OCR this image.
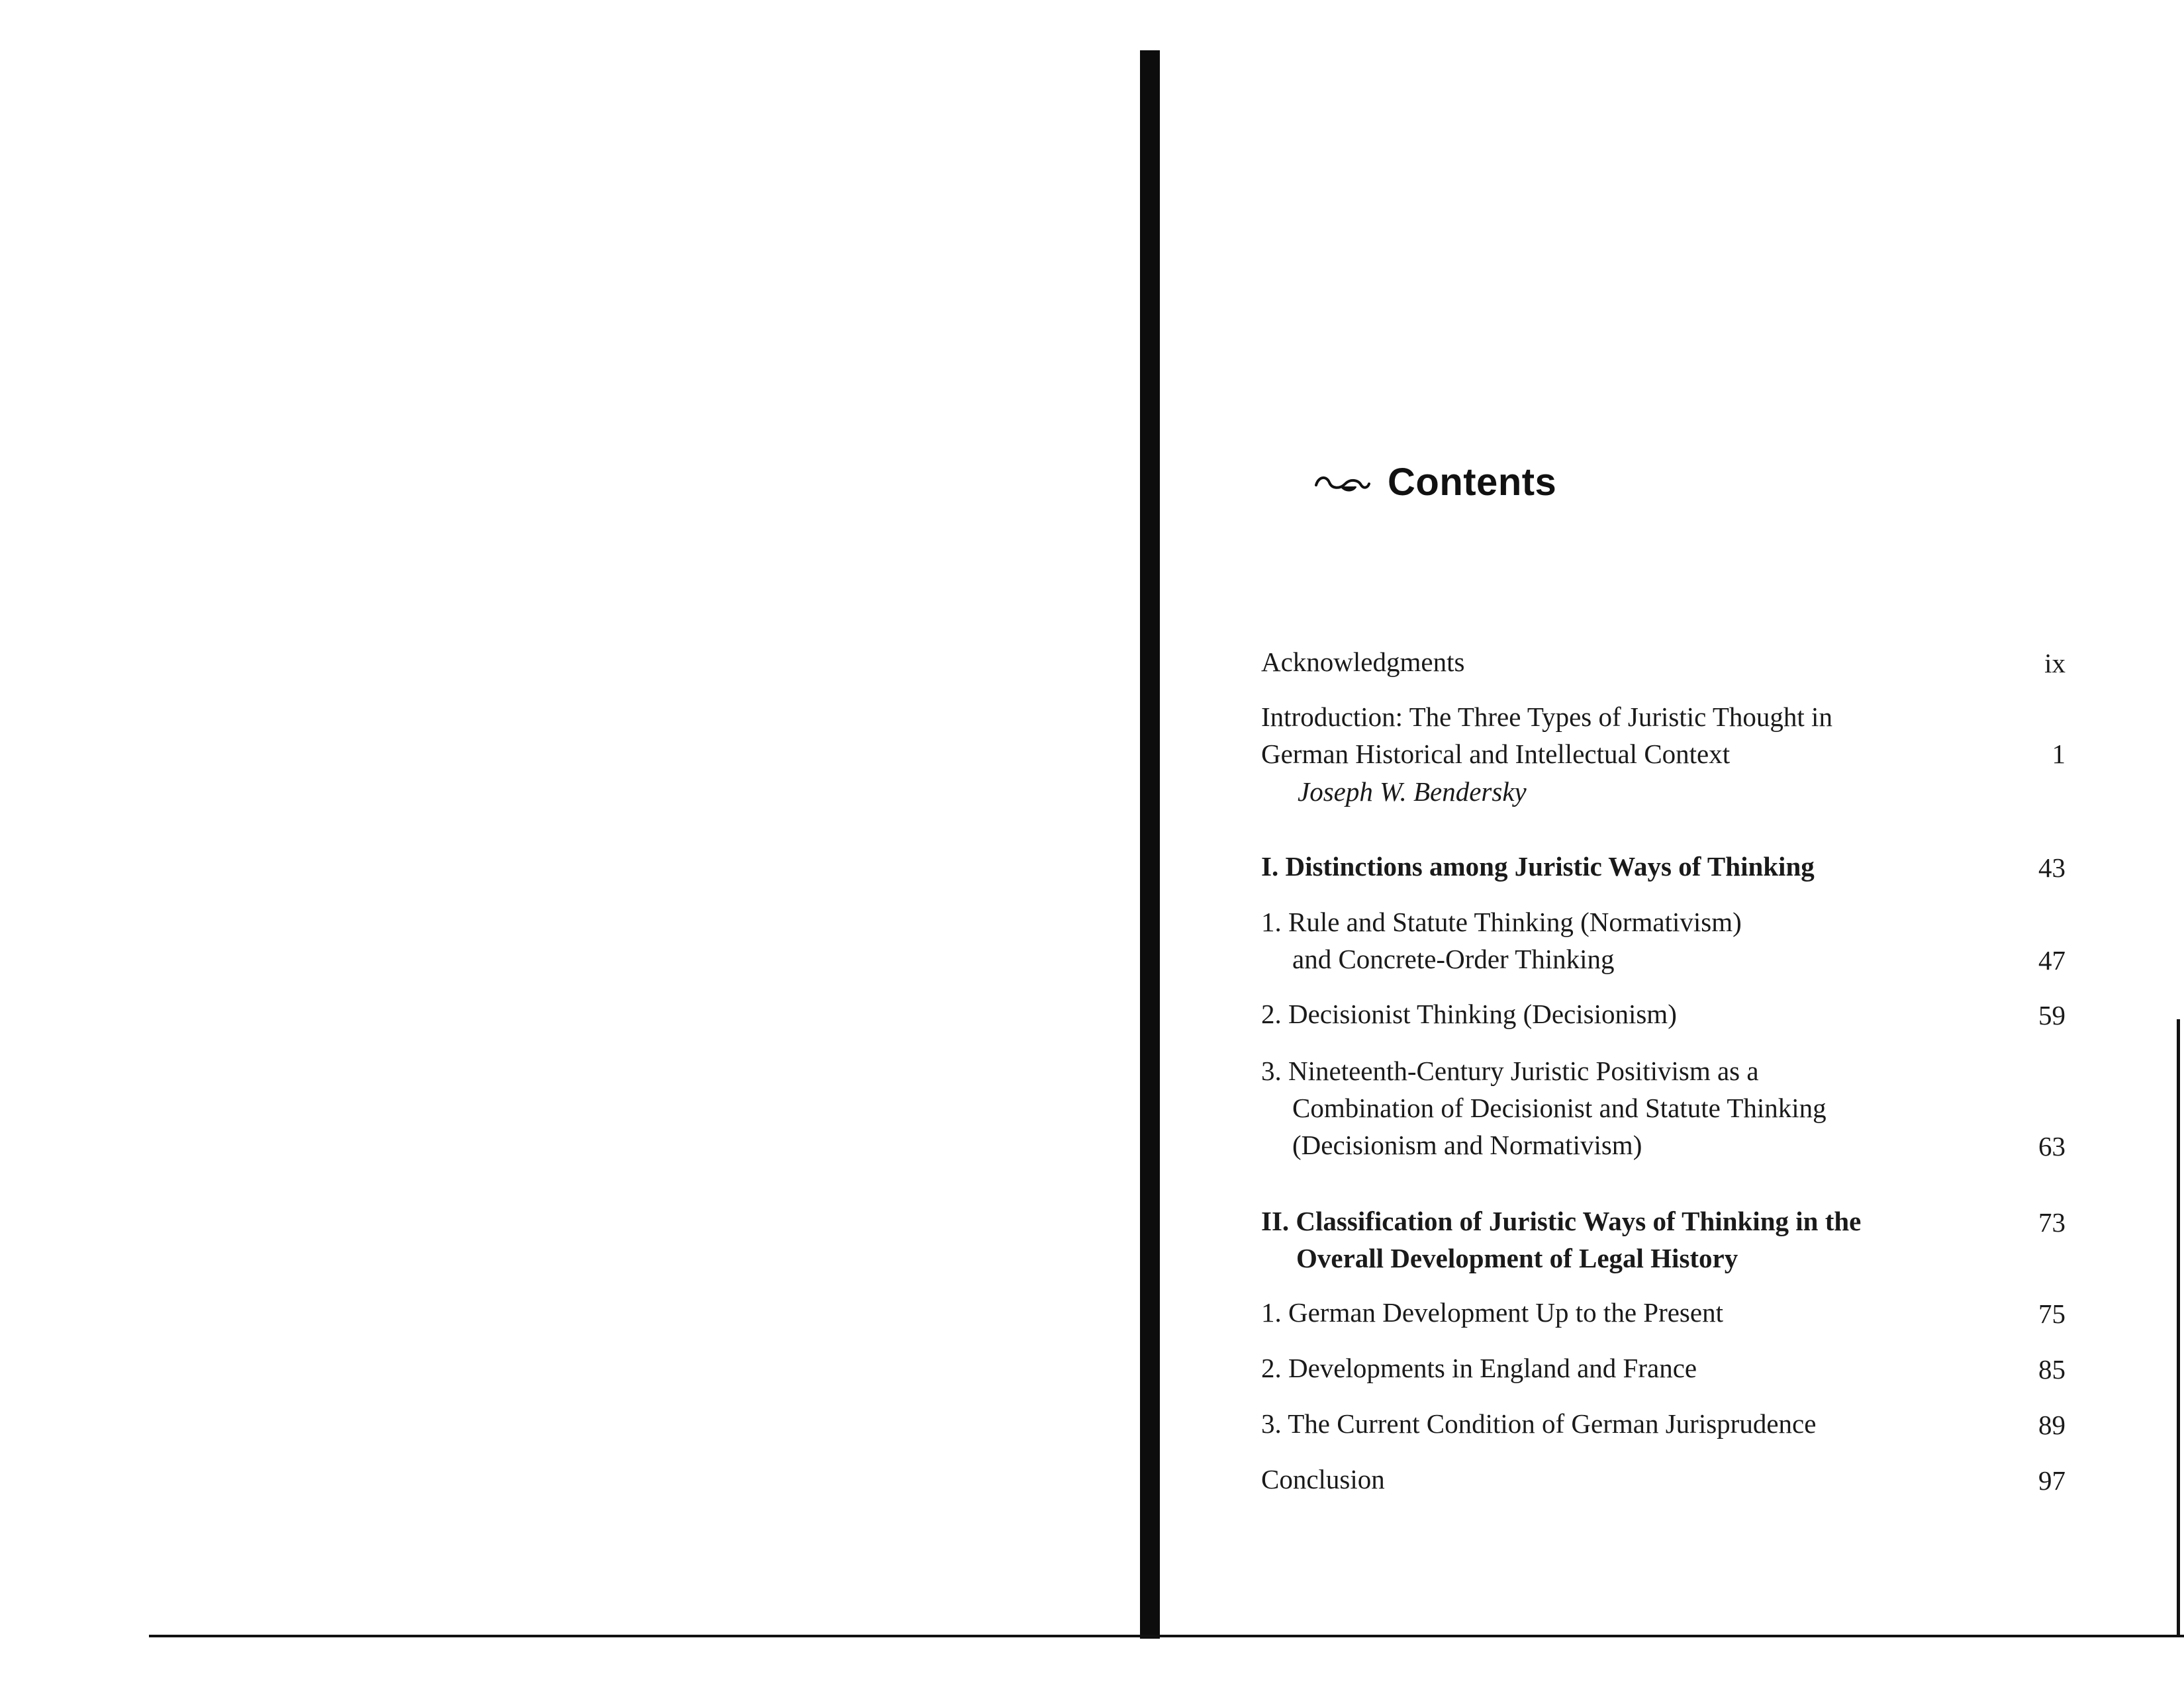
Contents
Acknowledgments	ix
Introduction: The Three Types of Juristic Thought in
German Historical and Intellectual Context
Joseph W. Bendersky
1
I. Distinctions among Juristic Ways of Thinking	43
1. Rule and Statute Thinking (Normativism)
and Concrete-Order Thinking	47
2. Decisionist Thinking (Decisionism)	59
3. Nineteenth-Century Juristic Positivism as a
Combination of Decisionist and Statute Thinking
(Decisionism and Normativism)	63
II. Classification of Juristic Ways of Thinking in the
Overall Development of Legal History
73
1. German Development Up to the Present	75
2. Developments in England and France	85
3. The Current Condition of German Jurisprudence	89
Conclusion	97
